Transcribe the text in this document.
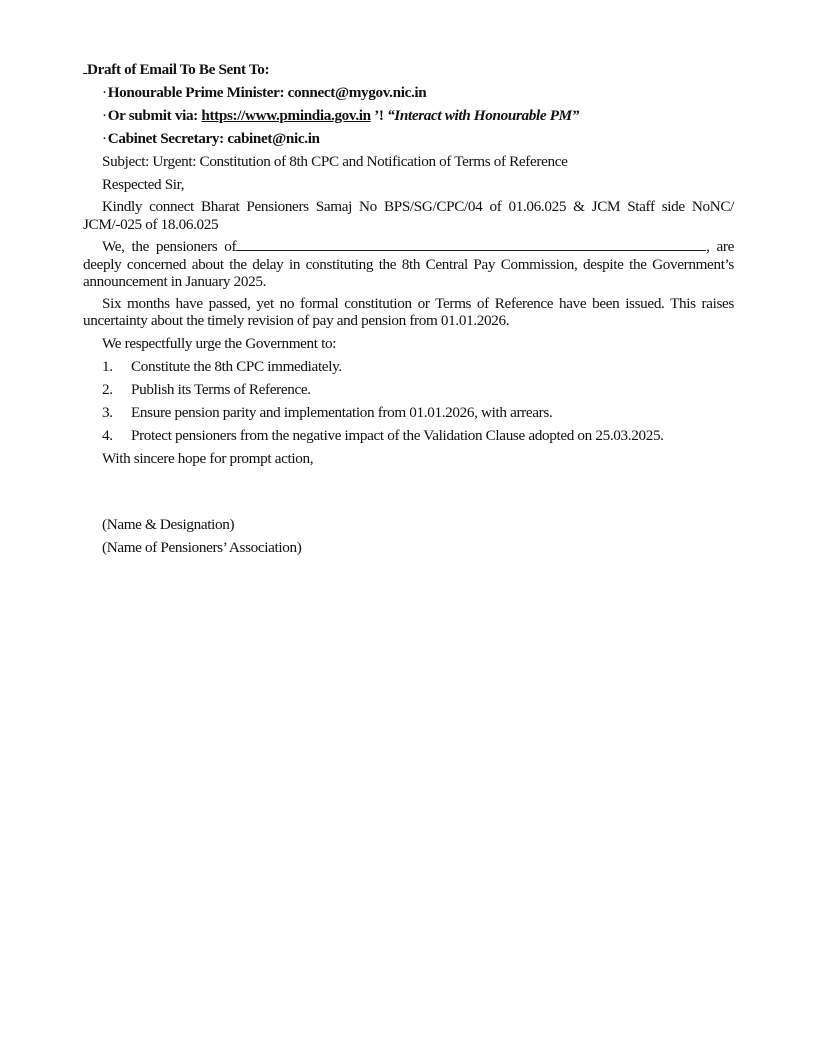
Draft of Email To Be Sent To:
·Honourable Prime Minister: connect@mygov.nic.in
·Or submit via: https://www.pmindia.gov.in ’! “Interact with Honourable PM”
·Cabinet Secretary: cabinet@nic.in
Subject: Urgent: Constitution of 8th CPC and Notification of Terms of Reference
Respected Sir,
Kindly connect Bharat Pensioners Samaj No BPS/SG/CPC/04 of 01.06.025 & JCM Staff side NoNC/ JCM/-025 of 18.06.025
We, the pensioners of	, are deeply concerned about the delay in constituting the 8th Central Pay Commission, despite the Government’s announcement in January 2025.
Six months have passed, yet no formal constitution or Terms of Reference have been issued. This raises uncertainty about the timely revision of pay and pension from 01.01.2026.
We respectfully urge the Government to:
1. Constitute the 8th CPC immediately.
2. Publish its Terms of Reference.
3. Ensure pension parity and implementation from 01.01.2026, with arrears.
4. Protect pensioners from the negative impact of the Validation Clause adopted on 25.03.2025.
With sincere hope for prompt action,
(Name & Designation)
(Name of Pensioners’ Association)
